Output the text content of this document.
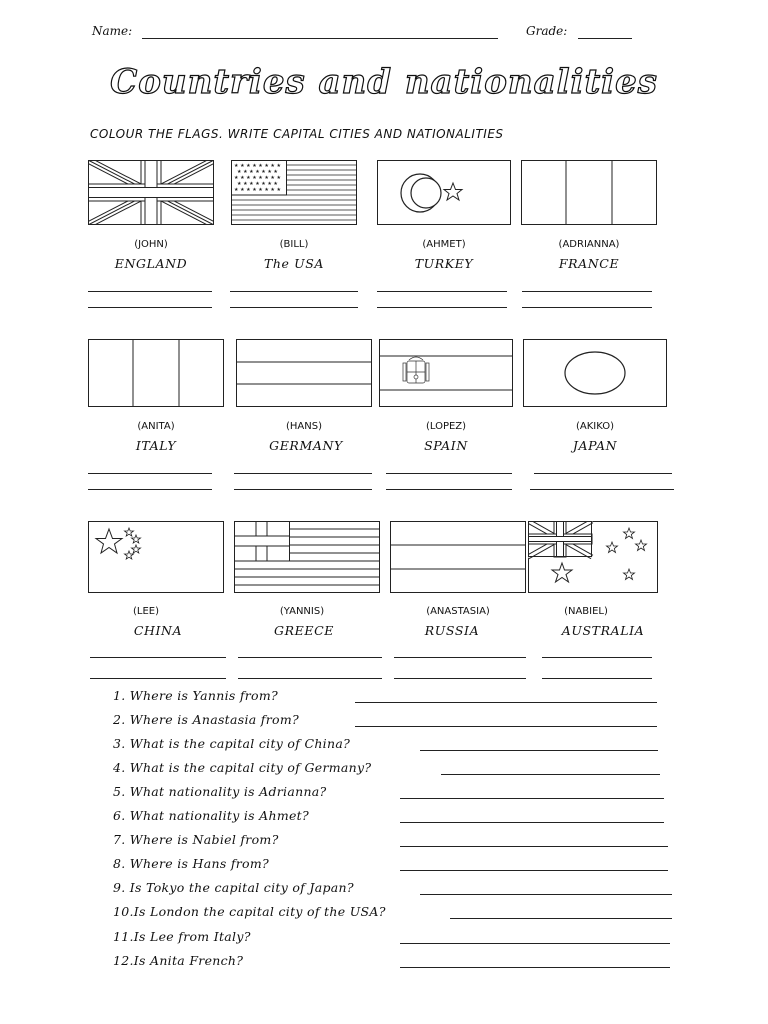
Name:	Grade:
Countries and nationalities
COLOUR THE FLAGS. WRITE CAPITAL CITIES AND NATIONALITIES
★ ★ ★ ★ ★ ★ ★ ★
★ ★ ★ ★ ★ ★ ★
★ ★ ★ ★ ★ ★ ★ ★
★ ★ ★ ★ ★ ★ ★
★ ★ ★ ★ ★ ★ ★ ★
(JOHN)	(BILL)	(AHMET)	(ADRIANNA)
ENGLAND	The USA	TURKEY	FRANCE
(ANITA)	(HANS)	(LOPEZ)	(AKIKO)
ITALY	GERMANY	SPAIN	JAPAN
(LEE)	(YANNIS)	(ANASTASIA)	(NABIEL)
CHINA	GREECE	RUSSIA	AUSTRALIA
1. Where is Yannis from?
2. Where is Anastasia from?
3. What is the capital city of China?
4. What is the capital city of Germany?
5. What nationality is Adrianna?
6. What nationality is Ahmet?
7. Where is Nabiel from?
8. Where is Hans from?
9. Is Tokyo the capital city of Japan?
10.Is London the capital city of the USA?
11.Is Lee from Italy?
12.Is Anita French?
